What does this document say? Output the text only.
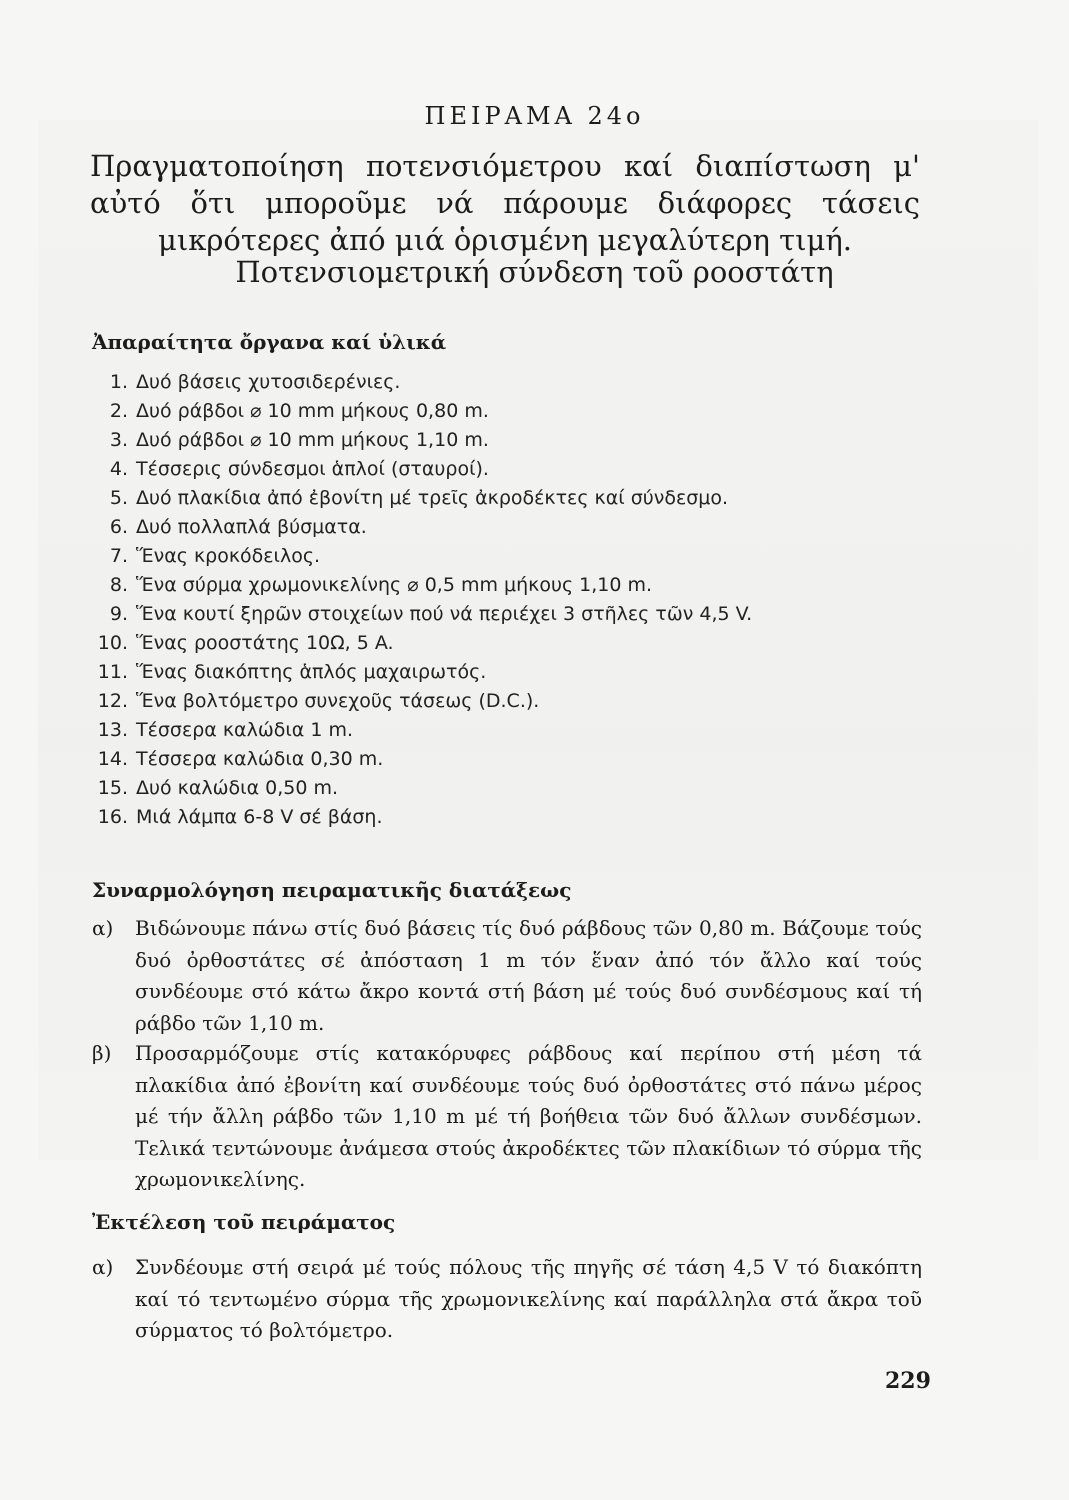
ΠΕΙΡΑΜΑ 24ο
Πραγματοποίηση ποτενσιόμετρου καί διαπίστωση μ' αὐτό ὅτι μποροῦμε νά πάρουμε διάφορες τάσεις μικρότερες ἀπό μιά ὁρισμένη μεγαλύτερη τιμή.
Ποτενσιομετρική σύνδεση τοῦ ροοστάτη
Ἀπαραίτητα ὄργανα καί ὑλικά
1. Δυό βάσεις χυτοσιδερένιες.
2. Δυό ράβδοι ⌀ 10 mm μήκους 0,80 m.
3. Δυό ράβδοι ⌀ 10 mm μήκους 1,10 m.
4. Τέσσερις σύνδεσμοι ἁπλοί (σταυροί).
5. Δυό πλακίδια ἀπό ἐβονίτη μέ τρεῖς ἀκροδέκτες καί σύνδεσμο.
6. Δυό πολλαπλά βύσματα.
7. Ἕνας κροκόδειλος.
8. Ἕνα σύρμα χρωμονικελίνης ⌀ 0,5 mm μήκους 1,10 m.
9. Ἕνα κουτί ξηρῶν στοιχείων πού νά περιέχει 3 στῆλες τῶν 4,5 V.
10. Ἕνας ροοστάτης 10Ω, 5 A.
11. Ἕνας διακόπτης ἁπλός μαχαιρωτός.
12. Ἕνα βολτόμετρο συνεχοῦς τάσεως (D.C.).
13. Τέσσερα καλώδια 1 m.
14. Τέσσερα καλώδια 0,30 m.
15. Δυό καλώδια 0,50 m.
16. Μιά λάμπα 6-8 V σέ βάση.
Συναρμολόγηση πειραματικῆς διατάξεως
α) Βιδώνουμε πάνω στίς δυό βάσεις τίς δυό ράβδους τῶν 0,80 m. Βάζουμε τούς δυό ὀρθοστάτες σέ ἀπόσταση 1 m τόν ἕναν ἀπό τόν ἄλλο καί τούς συνδέουμε στό κάτω ἄκρο κοντά στή βάση μέ τούς δυό συνδέσμους καί τή ράβδο τῶν 1,10 m.
β) Προσαρμόζουμε στίς κατακόρυφες ράβδους καί περίπου στή μέση τά πλακίδια ἀπό ἐβονίτη καί συνδέουμε τούς δυό ὀρθοστάτες στό πάνω μέρος μέ τήν ἄλλη ράβδο τῶν 1,10 m μέ τή βοήθεια τῶν δυό ἄλλων συνδέσμων. Τελικά τεντώνουμε ἀνάμεσα στούς ἀκροδέκτες τῶν πλακίδιων τό σύρμα τῆς χρωμονικελίνης.
Ἐκτέλεση τοῦ πειράματος
α) Συνδέουμε στή σειρά μέ τούς πόλους τῆς πηγῆς σέ τάση 4,5 V τό διακόπτη καί τό τεντωμένο σύρμα τῆς χρωμονικελίνης καί παράλληλα στά ἄκρα τοῦ σύρματος τό βολτόμετρο.
229
